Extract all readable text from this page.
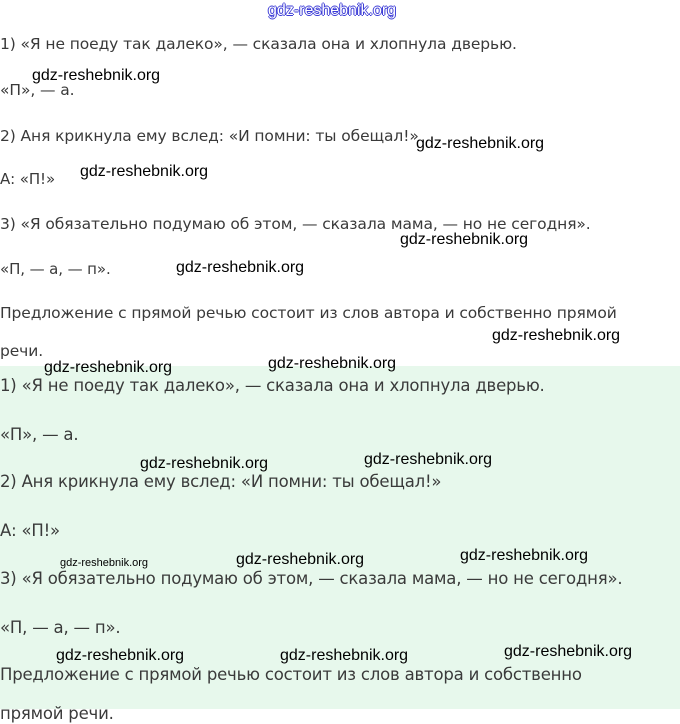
1) «Я не поеду так далеко», — сказала она и хлопнула дверью.
«П», — а.
2) Аня крикнула ему вслед: «И помни: ты обещал!»
А: «П!»
3) «Я обязательно подумаю об этом, — сказала мама, — но не сегодня».
«П, — а, — п».
Предложение с прямой речью состоит из слов автора и собственно прямой
речи.
1) «Я не поеду так далеко», — сказала она и хлопнула дверью.
«П», — а.
2) Аня крикнула ему вслед: «И помни: ты обещал!»
А: «П!»
3) «Я обязательно подумаю об этом, — сказала мама, — но не сегодня».
«П, — а, — п».
Предложение с прямой речью состоит из слов автора и собственно
прямой речи.
gdz-reshebnik.org
gdz-reshebnik.org
gdz-reshebnik.org
gdz-reshebnik.org
gdz-reshebnik.org
gdz-reshebnik.org
gdz-reshebnik.org
gdz-reshebnik.org	gdz-reshebnik.org
gdz-reshebnik.org	gdz-reshebnik.org
gdz-reshebnik.org	gdz-reshebnik.org	gdz-reshebnik.org
gdz-reshebnik.org	gdz-reshebnik.org	gdz-reshebnik.org
